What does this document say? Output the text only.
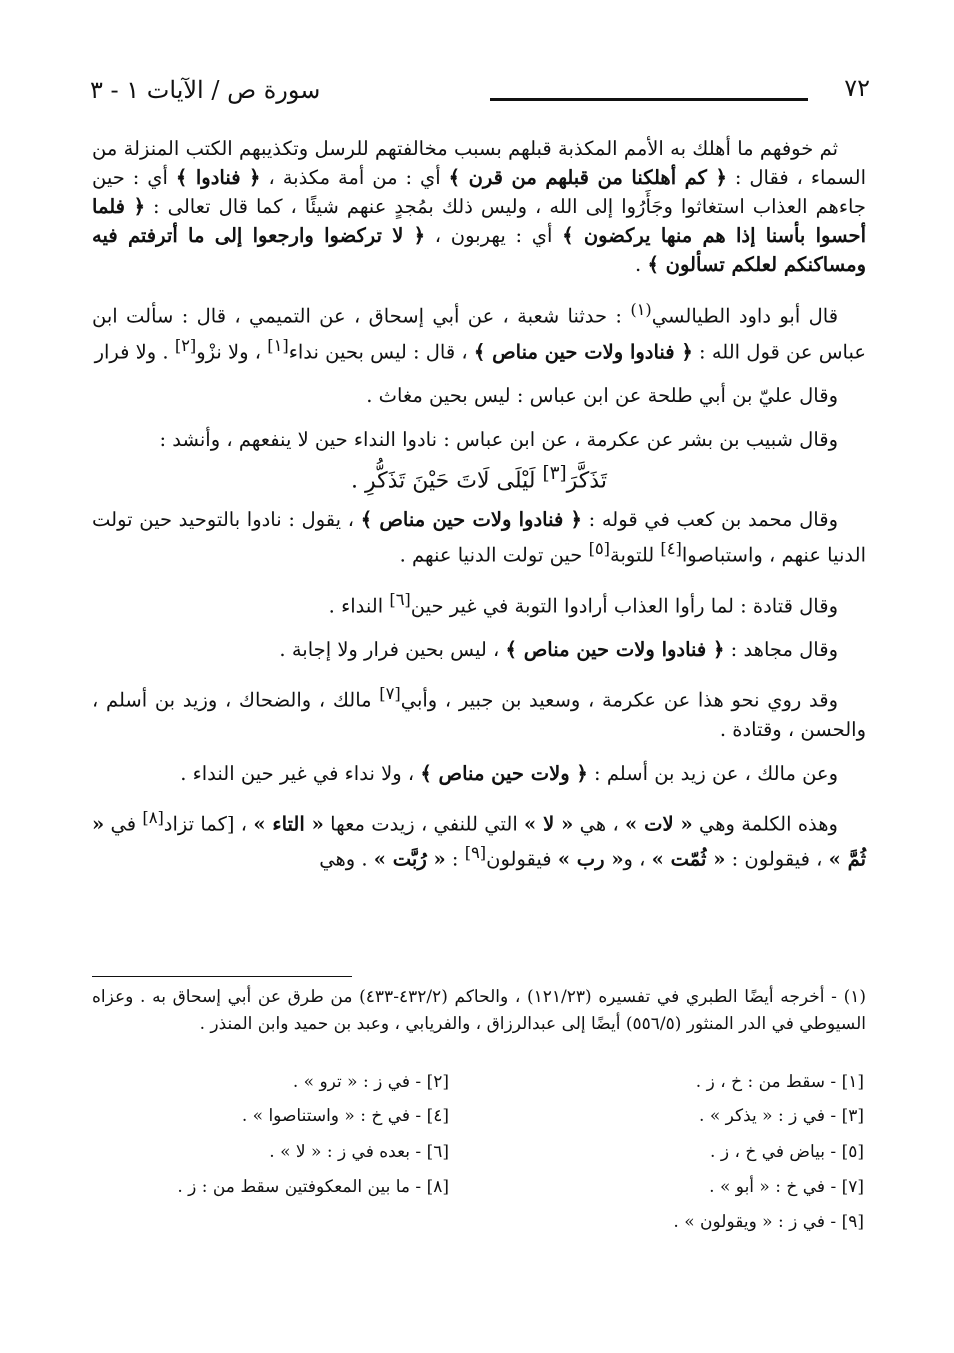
٧٢
سورة ص / الآيات ١ - ٣

ثم خوفهم ما أهلك به الأمم المكذبة قبلهم بسبب مخالفتهم للرسل وتكذيبهم الكتب المنزلة من السماء ، فقال : ﴿ كم أهلكنا من قبلهم من قرن ﴾ أي : من أمة مكذبة ، ﴿ فنادوا ﴾ أي : حين جاءهم العذاب استغاثوا وجَأَرُوا إلى الله ، وليس ذلك بمُجدٍ عنهم شيئًا ، كما قال تعالى : ﴿ فلما أحسوا بأسنا إذا هم منها يركضون ﴾ أي : يهربون ، ﴿ لا تركضوا وارجعوا إلى ما أترفتم فيه ومساكنكم لعلكم تسألون ﴾ .

قال أبو داود الطيالسي$^{(١)}$ : حدثنا شعبة ، عن أبي إسحاق ، عن التميمي ، قال : سألت ابن عباس عن قول الله : ﴿ فنادوا ولات حين مناص ﴾ ، قال : ليس بحين نداء[١] ، ولا نزْو[٢] . ولا فرار

وقال عليّ بن أبي طلحة عن ابن عباس : ليس بحين مغاث .

وقال شبيب بن بشر عن عكرمة ، عن ابن عباس : نادوا النداء حين لا ينفعهم ، وأنشد :

تَذَكَّرَ[٣] لَيْلَى لَاتَ حَيْنَ تَذَكُّرِ .

وقال محمد بن كعب في قوله : ﴿ فنادوا ولات حين مناص ﴾ ، يقول : نادوا بالتوحيد حين تولت الدنيا عنهم ، واستباصوا[٤] للتوبة[٥] حين تولت الدنيا عنهم .

وقال قتادة : لما رأوا العذاب أرادوا التوبة في غير حين[٦] النداء .

وقال مجاهد : ﴿ فنادوا ولات حين مناص ﴾ ، ليس بحين فرار ولا إجابة .

وقد روي نحو هذا عن عكرمة ، وسعيد بن جبير ، وأبي[٧] مالك ، والضحاك ، وزيد بن أسلم ، والحسن ، وقتادة .

وعن مالك ، عن زيد بن أسلم : ﴿ ولات حين مناص ﴾ ، ولا نداء في غير حين النداء .

وهذه الكلمة وهي « لات » ، هي « لا » التي للنفي ، زيدت معها « التاء » ، [كما تزاد[٨] في « ثُمَّ » ، فيقولون : « ثُمّت » ، و« رب » فيقولون[٩] : « رُبَّت » . وهي

(١) - أخرجه أيضًا الطبري في تفسيره (١٢١/٢٣) ، والحاكم (٤٣٢/٢-٤٣٣) من طرق عن أبي إسحاق به . وعزاه السيوطي في الدر المنثور (٥٥٦/٥) أيضًا إلى عبدالرزاق ، والفريابي ، وعبد بن حميد وابن المنذر .
[١] - سقط من : خ ، ز .
[٢] - في ز : « ترو » .
[٣] - في ز : « يذكر » .
[٤] - في خ : « واستناصوا » .
[٥] - بياض في خ ، ز .
[٦] - بعده في ز : « لا » .
[٧] - في خ : « أبو » .
[٨] - ما بين المعكوفتين سقط من : ز .
[٩] - في ز : « ويقولون » .
